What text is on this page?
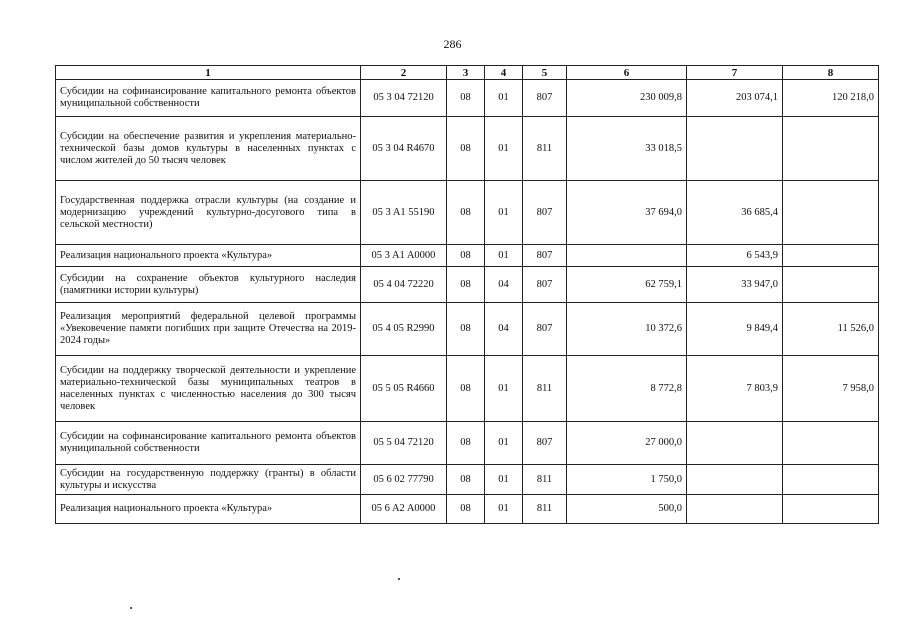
286
1	2	3	4	5	6	7	8
Субсидии на софинансирование капитального ремонта объектов муниципальной собственности	05 3 04 72120	08	01	807	230 009,8	203 074,1	120 218,0
Субсидии на обеспечение развития и укрепления материально-технической базы домов культуры в населенных пунктах с числом жителей до 50 тысяч человек	05 3 04 R4670	08	01	811	33 018,5		
Государственная поддержка отрасли культуры (на создание и модернизацию учреждений культурно-досугового типа в сельской местности)	05 3 A1 55190	08	01	807	37 694,0	36 685,4	
Реализация национального проекта «Культура»	05 3 A1 A0000	08	01	807		6 543,9	
Субсидии на сохранение объектов культурного наследия (памятники истории культуры)	05 4 04 72220	08	04	807	62 759,1	33 947,0	
Реализация мероприятий федеральной целевой программы «Увековечение памяти погибших при защите Отечества на 2019-2024 годы»	05 4 05 R2990	08	04	807	10 372,6	9 849,4	11 526,0
Субсидии на поддержку творческой деятельности и укрепление материально-технической базы муниципальных театров в населенных пунктах с численностью населения до 300 тысяч человек	05 5 05 R4660	08	01	811	8 772,8	7 803,9	7 958,0
Субсидии на софинансирование капитального ремонта объектов муниципальной собственности	05 5 04 72120	08	01	807	27 000,0		
Субсидии на государственную поддержку (гранты) в области культуры и искусства	05 6 02 77790	08	01	811	1 750,0		
Реализация национального проекта «Культура»	05 6 A2 A0000	08	01	811	500,0		
